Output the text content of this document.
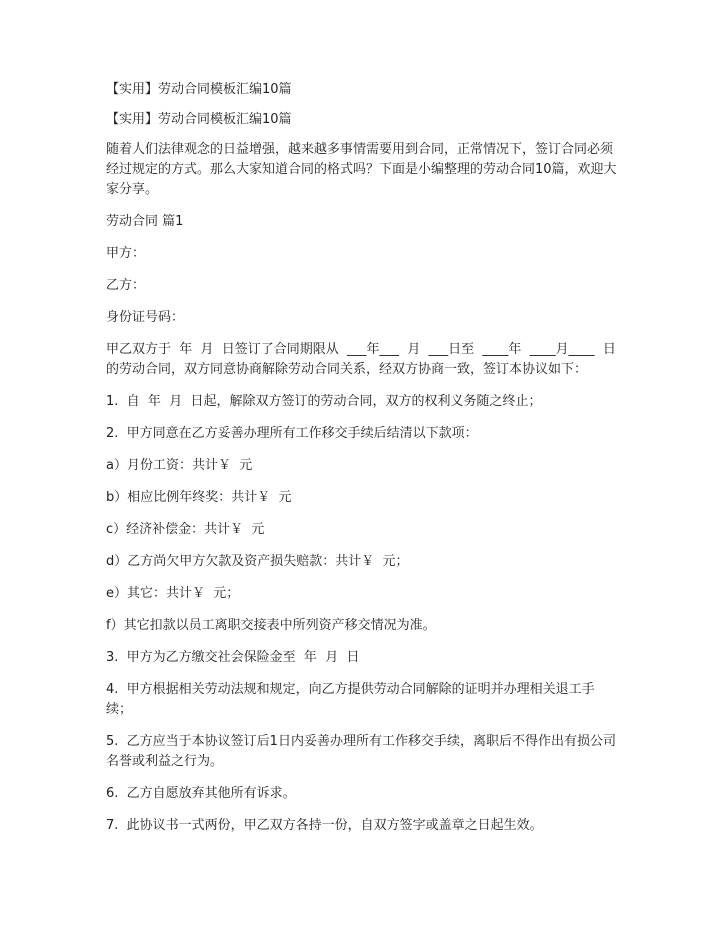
【实用】劳动合同模板汇编10篇

【实用】劳动合同模板汇编10篇

随着人们法律观念的日益增强，越来越多事情需要用到合同，正常情况下，签订合同必须经过规定的方式。那么大家知道合同的格式吗？下面是小编整理的劳动合同10篇，欢迎大家分享。

劳动合同 篇1

甲方：

乙方：

身份证号码：

甲乙双方于  年  月  日签订了合同期限从  ___年___  月  ___日至  ____年  ____月____  日的劳动合同，双方同意协商解除劳动合同关系，经双方协商一致，签订本协议如下：

1.  自  年  月  日起，解除双方签订的劳动合同，双方的权利义务随之终止；

2.  甲方同意在乙方妥善办理所有工作移交手续后结清以下款项：

a）月份工资：共计￥  元

b）相应比例年终奖：共计￥  元

c）经济补偿金：共计￥  元

d）乙方尚欠甲方欠款及资产损失赔款：共计￥  元；

e）其它：共计￥  元；

f）其它扣款以员工离职交接表中所列资产移交情况为准。

3.  甲方为乙方缴交社会保险金至  年  月  日

4.  甲方根据相关劳动法规和规定，向乙方提供劳动合同解除的证明并办理相关退工手续；

5.  乙方应当于本协议签订后1日内妥善办理所有工作移交手续，离职后不得作出有损公司名誉或利益之行为。

6.  乙方自愿放弃其他所有诉求。

7.  此协议书一式两份，甲乙双方各持一份，自双方签字或盖章之日起生效。
